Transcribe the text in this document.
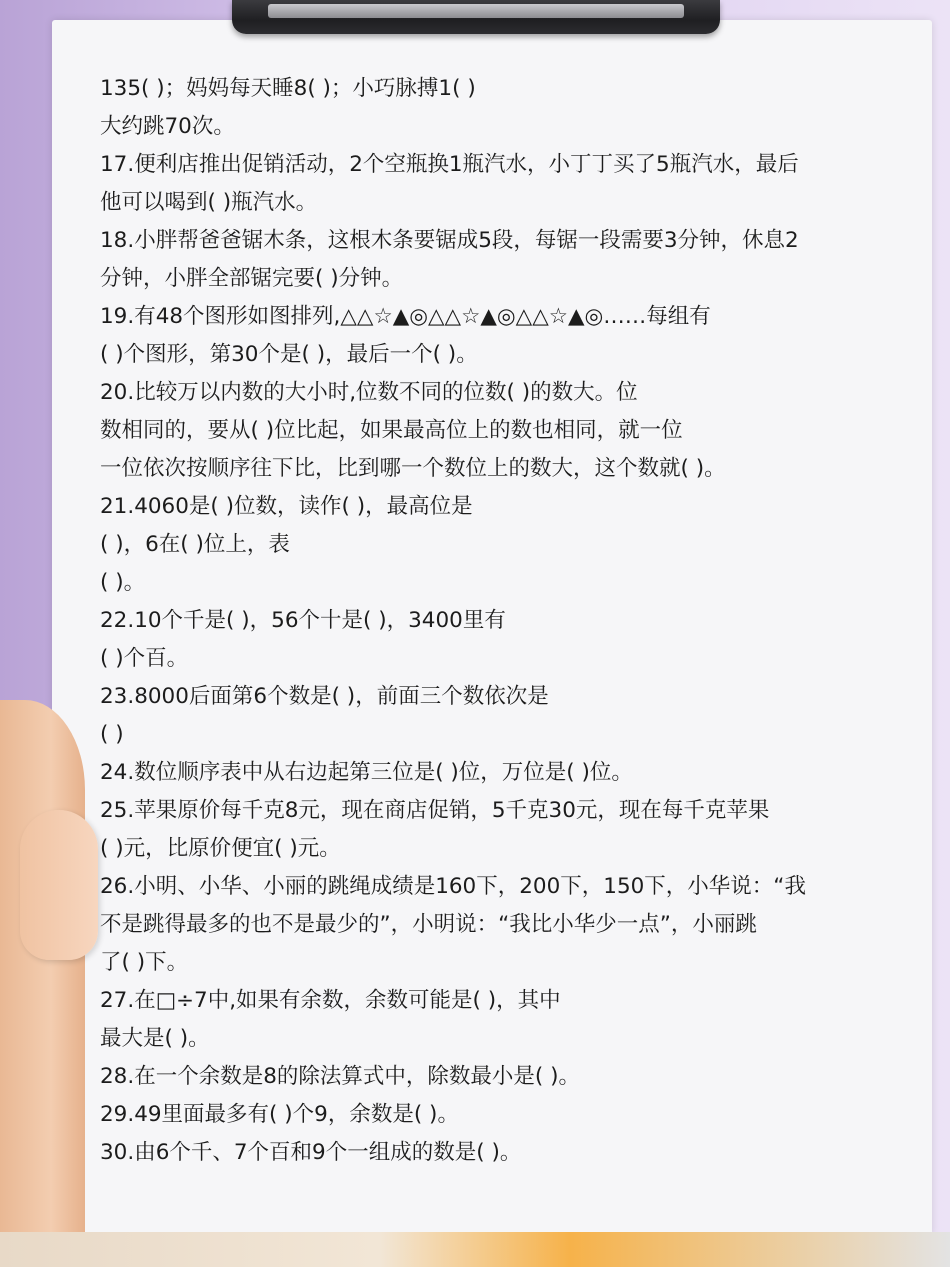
135( )；妈妈每天睡8( )；小巧脉搏1( )
大约跳70次。
17.便利店推出促销活动，2个空瓶换1瓶汽水，小丁丁买了5瓶汽水，最后
他可以喝到( )瓶汽水。
18.小胖帮爸爸锯木条，这根木条要锯成5段，每锯一段需要3分钟，休息2
分钟，小胖全部锯完要( )分钟。
19.有48个图形如图排列,△△☆▲◎△△☆▲◎△△☆▲◎……每组有
( )个图形，第30个是( )，最后一个( )。
20.比较万以内数的大小时,位数不同的位数( )的数大。位
数相同的，要从( )位比起，如果最高位上的数也相同，就一位
一位依次按顺序往下比，比到哪一个数位上的数大，这个数就( )。
21.4060是( )位数，读作( )，最高位是
( )，6在( )位上，表
( )。
22.10个千是( )，56个十是( )，3400里有
( )个百。
23.8000后面第6个数是( )，前面三个数依次是
( )
24.数位顺序表中从右边起第三位是( )位，万位是( )位。
25.苹果原价每千克8元，现在商店促销，5千克30元，现在每千克苹果
( )元，比原价便宜( )元。
26.小明、小华、小丽的跳绳成绩是160下，200下，150下，小华说：“我
不是跳得最多的也不是最少的”，小明说：“我比小华少一点”，小丽跳
了( )下。
27.在□÷7中,如果有余数，余数可能是( )，其中
最大是( )。
28.在一个余数是8的除法算式中，除数最小是( )。
29.49里面最多有( )个9，余数是( )。
30.由6个千、7个百和9个一组成的数是( )。
